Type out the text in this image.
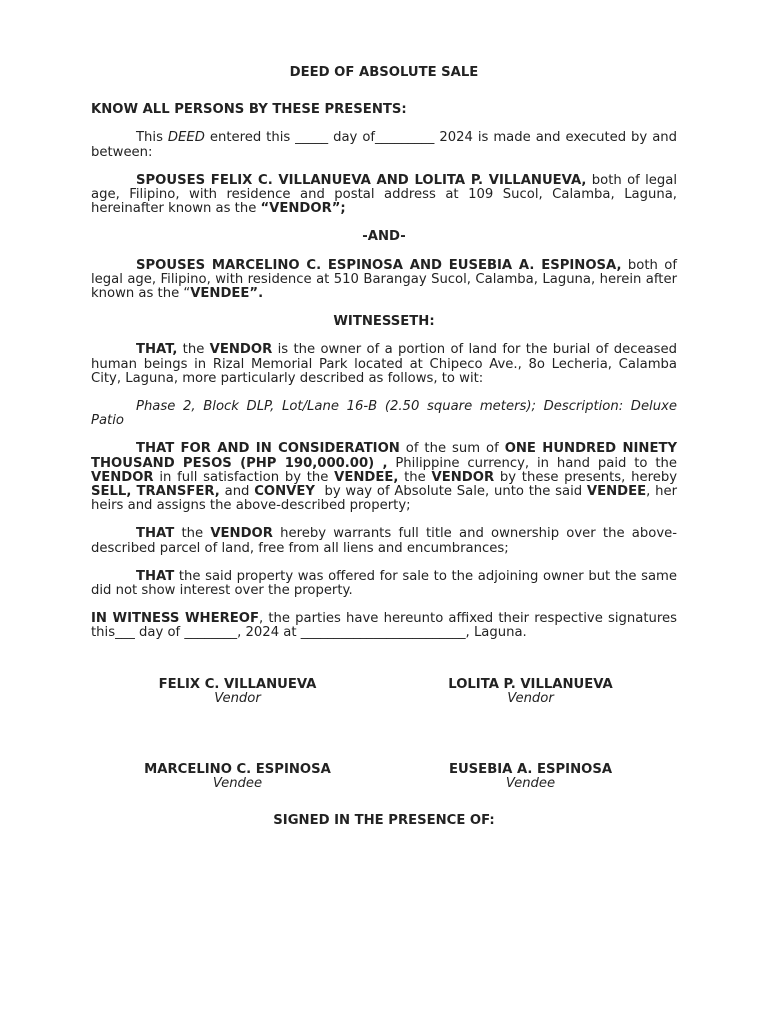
DEED OF ABSOLUTE SALE
KNOW ALL PERSONS BY THESE PRESENTS:

This DEED entered this _____ day of_________ 2024 is made and executed by and between:

SPOUSES FELIX C. VILLANUEVA AND LOLITA P. VILLANUEVA, both of legal age, Filipino, with residence and postal address at 109 Sucol, Calamba, Laguna, hereinafter known as the “VENDOR”;

-AND-

SPOUSES MARCELINO C. ESPINOSA AND EUSEBIA A. ESPINOSA, both of legal age, Filipino, with residence at 510 Barangay Sucol, Calamba, Laguna, herein after known as the “VENDEE”.

WITNESSETH:

THAT, the VENDOR is the owner of a portion of land for the burial of deceased human beings in Rizal Memorial Park located at Chipeco Ave., 8o Lecheria, Calamba City, Laguna, more particularly described as follows, to wit:

Phase 2, Block DLP, Lot/Lane 16-B (2.50 square meters); Description: Deluxe Patio

THAT FOR AND IN CONSIDERATION of the sum of ONE HUNDRED NINETY THOUSAND PESOS (PHP 190,000.00) , Philippine currency, in hand paid to the VENDOR in full satisfaction by the VENDEE, the VENDOR by these presents, hereby SELL, TRANSFER, and CONVEY  by way of Absolute Sale, unto the said VENDEE, her heirs and assigns the above-described property;

THAT the VENDOR hereby warrants full title and ownership over the above-described parcel of land, free from all liens and encumbrances;

THAT the said property was offered for sale to the adjoining owner but the same did not show interest over the property.

IN WITNESS WHEREOF, the parties have hereunto affixed their respective signatures this___ day of ________, 2024 at _________________________, Laguna.

FELIX C. VILLANUEVA
Vendor
LOLITA P. VILLANUEVA
Vendor
MARCELINO C. ESPINOSA
Vendee
EUSEBIA A. ESPINOSA
Vendee
SIGNED IN THE PRESENCE OF:
